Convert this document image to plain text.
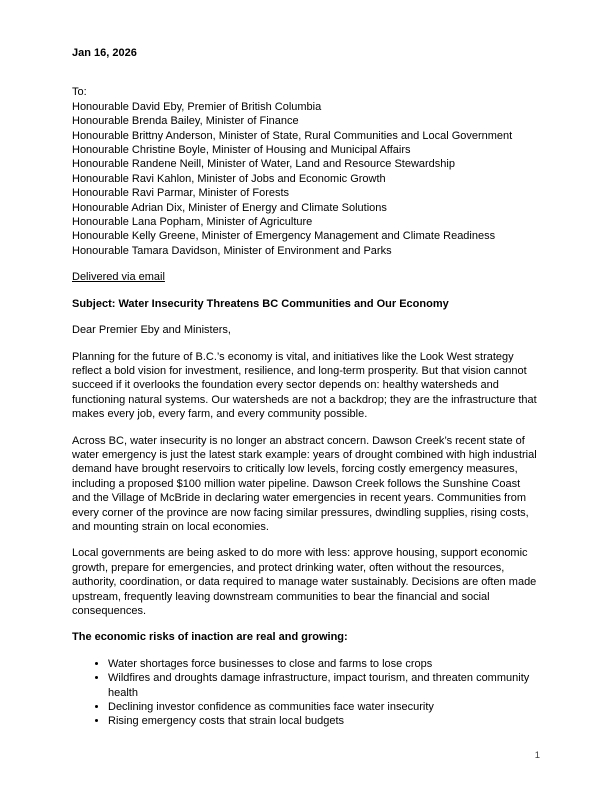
Jan 16, 2026
To:
Honourable David Eby, Premier of British Columbia
Honourable Brenda Bailey, Minister of Finance
Honourable Brittny Anderson, Minister of State, Rural Communities and Local Government
Honourable Christine Boyle, Minister of Housing and Municipal Affairs
Honourable Randene Neill, Minister of Water, Land and Resource Stewardship
Honourable Ravi Kahlon, Minister of Jobs and Economic Growth
Honourable Ravi Parmar, Minister of Forests
Honourable Adrian Dix, Minister of Energy and Climate Solutions
Honourable Lana Popham, Minister of Agriculture
Honourable Kelly Greene, Minister of Emergency Management and Climate Readiness
Honourable Tamara Davidson, Minister of Environment and Parks
Delivered via email
Subject: Water Insecurity Threatens BC Communities and Our Economy
Dear Premier Eby and Ministers,

Planning for the future of B.C.’s economy is vital, and initiatives like the Look West strategy reflect a bold vision for investment, resilience, and long-term prosperity. But that vision cannot succeed if it overlooks the foundation every sector depends on: healthy watersheds and functioning natural systems. Our watersheds are not a backdrop; they are the infrastructure that makes every job, every farm, and every community possible.

Across BC, water insecurity is no longer an abstract concern. Dawson Creek’s recent state of water emergency is just the latest stark example: years of drought combined with high industrial demand have brought reservoirs to critically low levels, forcing costly emergency measures, including a proposed $100 million water pipeline. Dawson Creek follows the Sunshine Coast and the Village of McBride in declaring water emergencies in recent years. Communities from every corner of the province are now facing similar pressures, dwindling supplies, rising costs, and mounting strain on local economies.

Local governments are being asked to do more with less: approve housing, support economic growth, prepare for emergencies, and protect drinking water, often without the resources, authority, coordination, or data required to manage water sustainably. Decisions are often made upstream, frequently leaving downstream communities to bear the financial and social consequences.

The economic risks of inaction are real and growing:
• Water shortages force businesses to close and farms to lose crops
• Wildfires and droughts damage infrastructure, impact tourism, and threaten community health
• Declining investor confidence as communities face water insecurity
• Rising emergency costs that strain local budgets
1
